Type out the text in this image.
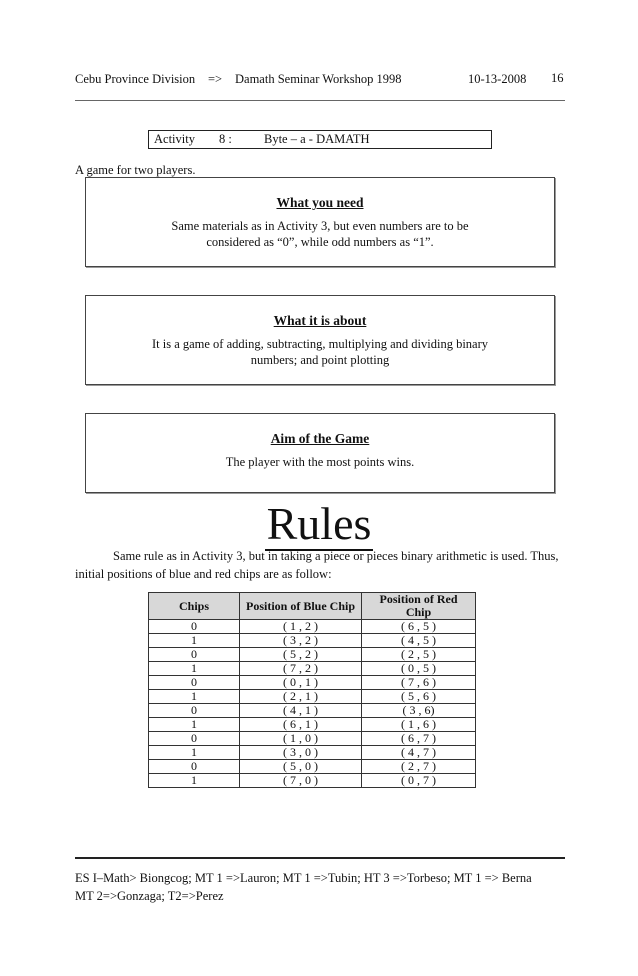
Cebu Province Division => Damath Seminar Workshop 1998	10-13-2008 16
Activity 8 :	Byte – a - DAMATH
A game for two players.
What you need
Same materials as in Activity 3, but even numbers are to be considered as “0”, while odd numbers as “1”.
What it is about
It is a game of adding, subtracting, multiplying and dividing binary numbers; and point plotting
Aim of the Game
The player with the most points wins.
Rules
Same rule as in Activity 3, but in taking a piece or pieces binary arithmetic is used. Thus, initial positions of blue and red chips are as follow:
Chips	Position of Blue Chip	Position of Red Chip
0	( 1 , 2 )	( 6 , 5 )
1	( 3 , 2 )	( 4 , 5 )
0	( 5 , 2 )	( 2 , 5 )
1	( 7 , 2 )	( 0 , 5 )
0	( 0 , 1 )	( 7 , 6 )
1	( 2 , 1 )	( 5 , 6 )
0	( 4 , 1 )	( 3 , 6)
1	( 6 , 1 )	( 1 , 6 )
0	( 1 , 0 )	( 6 , 7 )
1	( 3 , 0 )	( 4 , 7 )
0	( 5 , 0 )	( 2 , 7 )
1	( 7 , 0 )	( 0 , 7 )
ES I–Math> Biongcog; MT 1 =>Lauron; MT 1 =>Tubin; HT 3 =>Torbeso; MT 1 => Berna
MT 2=>Gonzaga; T2=>Perez
